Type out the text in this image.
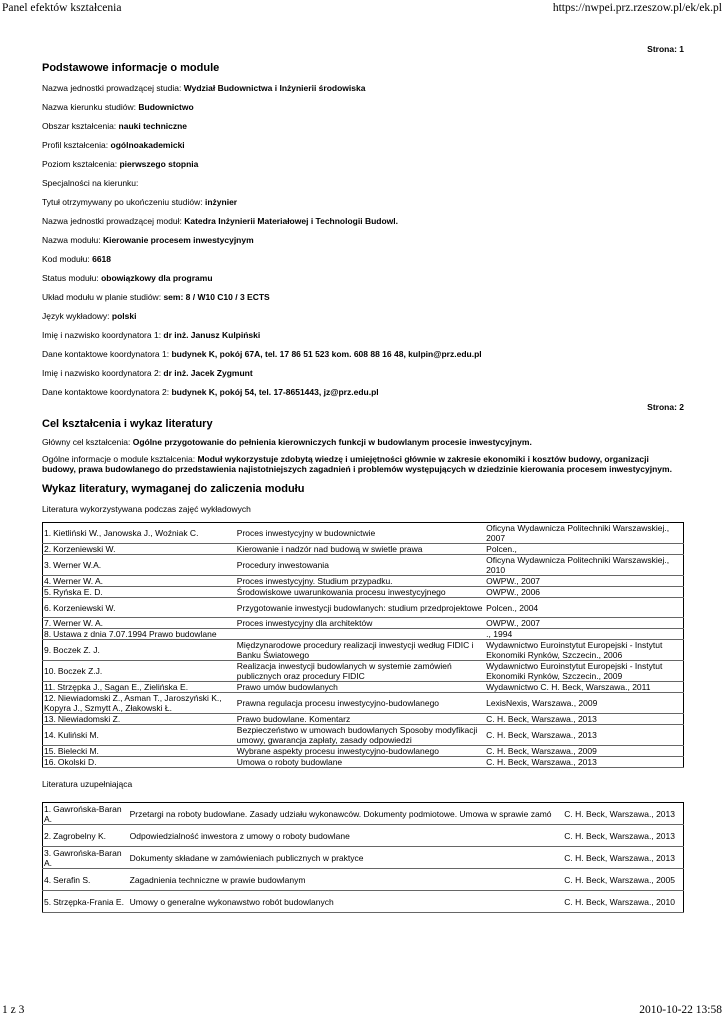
Panel efektów kształcenia	https://nwpei.prz.rzeszow.pl/ek/ek.pl
Strona: 1
Podstawowe informacje o module
Nazwa jednostki prowadzącej studia: Wydział Budownictwa i Inżynierii środowiska
Nazwa kierunku studiów: Budownictwo
Obszar kształcenia: nauki techniczne
Profil kształcenia: ogólnoakademicki
Poziom kształcenia: pierwszego stopnia
Specjalności na kierunku:
Tytuł otrzymywany po ukończeniu studiów: inżynier
Nazwa jednostki prowadzącej moduł: Katedra Inżynierii Materiałowej i Technologii Budowl.
Nazwa modułu: Kierowanie procesem inwestycyjnym
Kod modułu: 6618
Status modułu: obowiązkowy dla programu
Układ modułu w planie studiów: sem: 8 / W10 C10 / 3 ECTS
Język wykładowy: polski
Imię i nazwisko koordynatora 1: dr inż. Janusz Kulpiński
Dane kontaktowe koordynatora 1: budynek K, pokój 67A, tel. 17 86 51 523 kom. 608 88 16 48, kulpin@prz.edu.pl
Imię i nazwisko koordynatora 2: dr inż. Jacek Zygmunt
Dane kontaktowe koordynatora 2: budynek K, pokój 54, tel. 17-8651443, jz@prz.edu.pl
Strona: 2
Cel kształcenia i wykaz literatury
Główny cel kształcenia: Ogólne przygotowanie do pełnienia kierowniczych funkcji w budowlanym procesie inwestycyjnym.
Ogólne informacje o module kształcenia: Moduł wykorzystuje zdobytą wiedzę i umiejętności głównie w zakresie ekonomiki i kosztów budowy, organizacji budowy, prawa budowlanego do przedstawienia najistotniejszych zagadnień i problemów występujących w dziedzinie kierowania procesem inwestycyjnym.
Wykaz literatury, wymaganej do zaliczenia modułu
Literatura wykorzystywana podczas zajęć wykładowych
1. Kietliński W., Janowska J., Woźniak C.	Proces inwestycyjny w budownictwie	Oficyna Wydawnicza Politechniki Warszawskiej., 2007
2. Korzeniewski W.	Kierowanie i nadzór nad budową w swietle prawa	Polcen.,
3. Werner W.A.	Procedury inwestowania	Oficyna Wydawnicza Politechniki Warszawskiej., 2010
4. Werner W. A.	Proces inwestycyjny. Studium przypadku.	OWPW., 2007
5. Ryńska E. D.	Środowiskowe uwarunkowania procesu inwestycyjnego	OWPW., 2006
6. Korzeniewski W.	Przygotowanie inwestycji budowlanych: studium przedprojektowe	Polcen., 2004
7. Werner W. A.	Proces inwestycyjny dla architektów	OWPW., 2007
8. Ustawa z dnia 7.07.1994 Prawo budowlane		., 1994
9. Boczek Z. J.	Międzynarodowe procedury realizacji inwestycji według FIDIC i Banku Światowego	Wydawnictwo Euroinstytut Europejski - Instytut Ekonomiki Rynków, Szczecin., 2006
10. Boczek Z.J.	Realizacja inwestycji budowlanych w systemie zamówień publicznych oraz procedury FIDIC	Wydawnictwo Euroinstytut Europejski - Instytut Ekonomiki Rynków, Szczecin., 2009
11. Strzępka J., Sagan E., Zielińska E.	Prawo umów budowlanych	Wydawnictwo C. H. Beck, Warszawa., 2011
12. Niewiadomski Z., Asman T., Jaroszyński K., Kopyra J., Szmytt A., Złakowski Ł.	Prawna regulacja procesu inwestycyjno-budowlanego	LexisNexis, Warszawa., 2009
13. Niewiadomski Z.	Prawo budowlane. Komentarz	C. H. Beck, Warszawa., 2013
14. Kuliński M.	Bezpieczeństwo w umowach budowlanych Sposoby modyfikacji umowy, gwarancja zapłaty, zasady odpowiedzi	C. H. Beck, Warszawa., 2013
15. Bielecki M.	Wybrane aspekty procesu inwestycyjno-budowlanego	C. H. Beck, Warszawa., 2009
16. Okolski D.	Umowa o roboty budowlane	C. H. Beck, Warszawa., 2013
Literatura uzupełniająca
1. Gawrońska-Baran A.	Przetargi na roboty budowlane. Zasady udziału wykonawców. Dokumenty podmiotowe. Umowa w sprawie zamó	C. H. Beck, Warszawa., 2013
2. Zagrobelny K.	Odpowiedzialność inwestora z umowy o roboty budowlane	C. H. Beck, Warszawa., 2013
3. Gawrońska-Baran A.	Dokumenty składane w zamówieniach publicznych w praktyce	C. H. Beck, Warszawa., 2013
4. Serafin S.	Zagadnienia techniczne w prawie budowlanym	C. H. Beck, Warszawa., 2005
5. Strzępka-Frania E.	Umowy o generalne wykonawstwo robót budowlanych	C. H. Beck, Warszawa., 2010
1 z 3	2010-10-22 13:58
